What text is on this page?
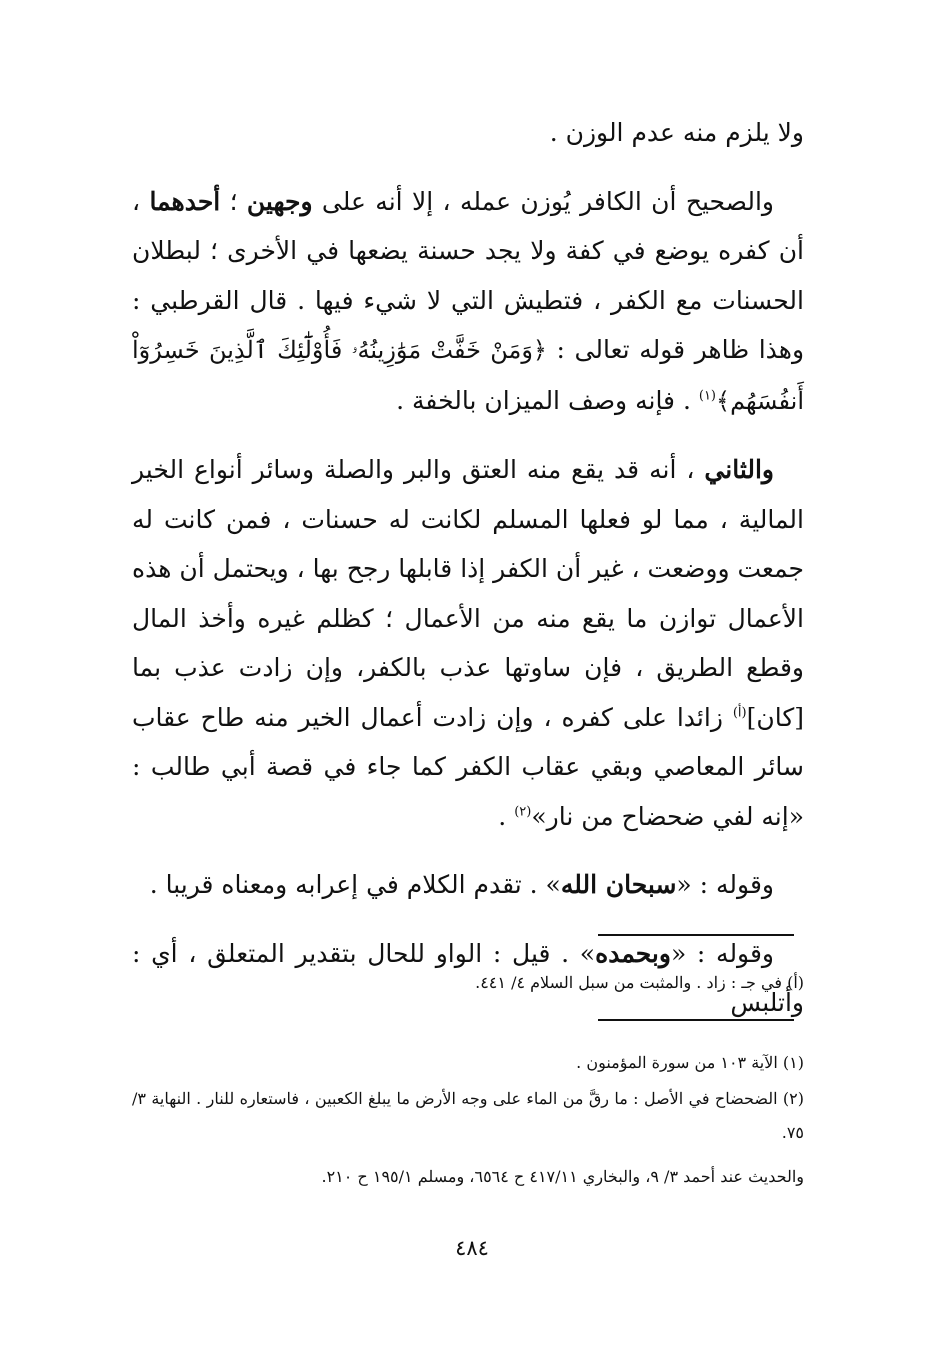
ولا يلزم منه عدم الوزن .

والصحيح أن الكافر يُوزن عمله ، إلا أنه على وجهين ؛ أحدهما ، أن كفره يوضع في كفة ولا يجد حسنة يضعها في الأخرى ؛ لبطلان الحسنات مع الكفر ، فتطيش التي لا شيء فيها . قال القرطبي : وهذا ظاهر قوله تعالى : ﴿وَمَنْ خَفَّتْ مَوَٰزِينُهُۥ فَأُوْلَٰٓئِكَ ٱلَّذِينَ خَسِرُوٓاْ أَنفُسَهُم﴾$^{(١)}$ . فإنه وصف الميزان بالخفة .

والثاني ، أنه قد يقع منه العتق والبر والصلة وسائر أنواع الخير المالية ، مما لو فعلها المسلم لكانت له حسنات ، فمن كانت له جمعت ووضعت ، غير أن الكفر إذا قابلها رجح بها ، ويحتمل أن هذه الأعمال توازن ما يقع منه من الأعمال ؛ كظلم غيره وأخذ المال وقطع الطريق ، فإن ساوتها عذب بالكفر، وإن زادت عذب بما [كان]$^{(أ)}$ زائدا على كفره ، وإن زادت أعمال الخير منه طاح عقاب سائر المعاصي وبقي عقاب الكفر كما جاء في قصة أبي طالب : «إنه لفي ضحضاح من نار»$^{(٢)}$ .

وقوله : «سبحان الله» . تقدم الكلام في إعرابه ومعناه قريبا .

وقوله : «وبحمده» . قيل : الواو للحال بتقدير المتعلق ، أي : وأتلبس

(أ) في جـ : زاد . والمثبت من سبل السلام ٤/ ٤٤١.
(١) الآية ١٠٣ من سورة المؤمنون .
(٢) الضحضاح في الأصل : ما رقَّ من الماء على وجه الأرض ما يبلغ الكعبين ، فاستعاره للنار . النهاية ٣/ ٧٥.
والحديث عند أحمد ٣/ ٩، والبخاري ٤١٧/١١ ح ٦٥٦٤، ومسلم ١٩٥/١ ح ٢١٠.
٤٨٤
